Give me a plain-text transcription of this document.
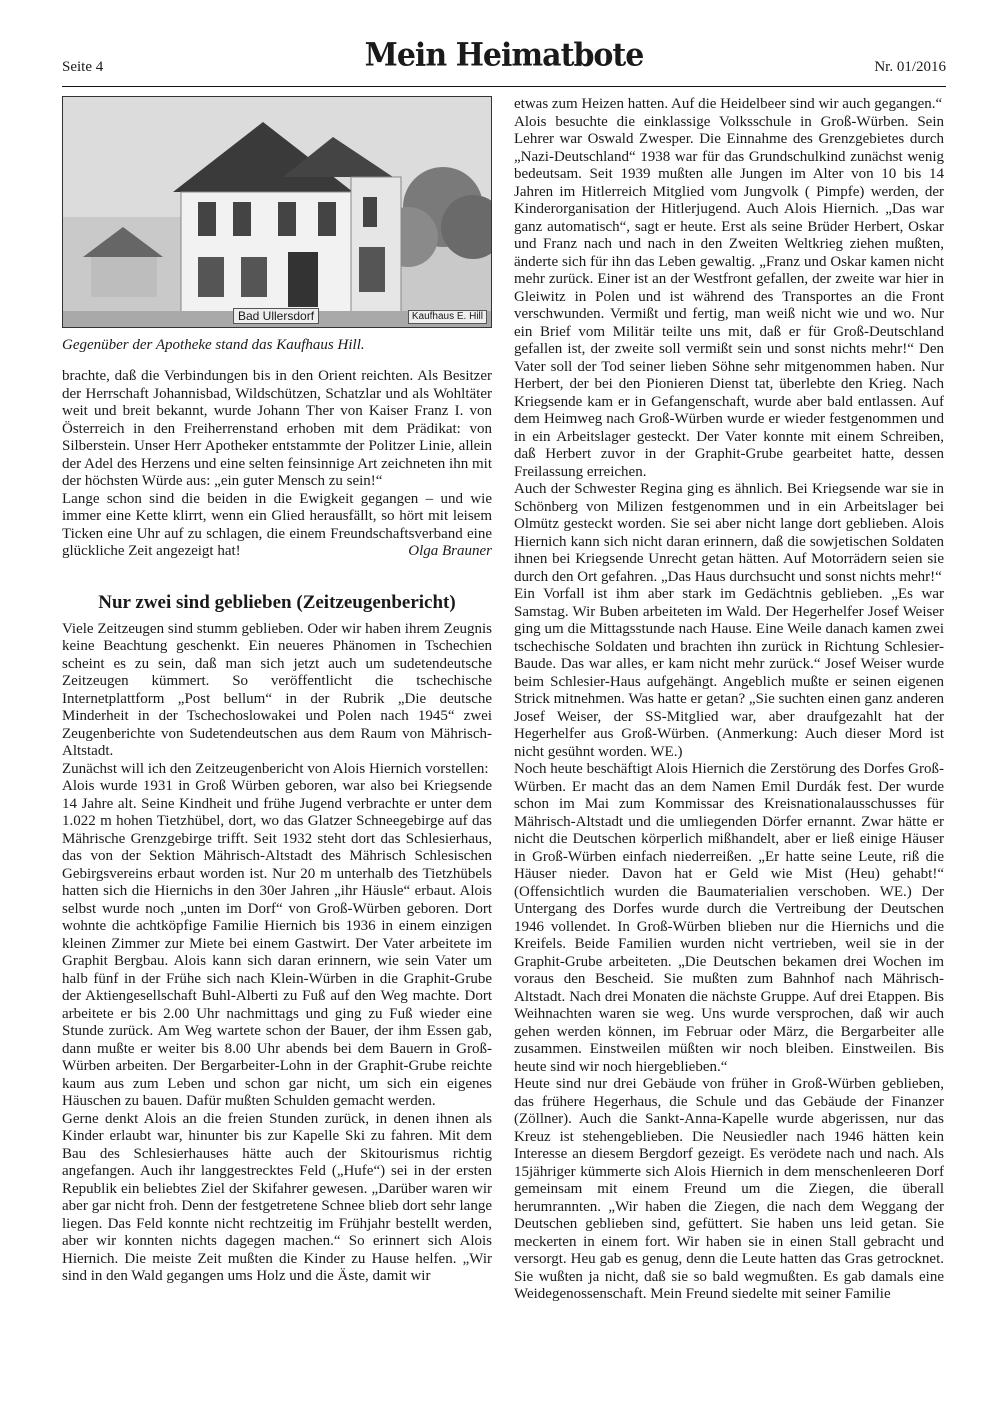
Seite 4	Mein Heimatbote	Nr. 01/2016
Bad Ullersdorf	Kaufhaus E. Hill
Gegenüber der Apotheke stand das Kaufhaus Hill.

brachte, daß die Verbindungen bis in den Orient reichten. Als Besitzer der Herrschaft Johannisbad, Wildschützen, Schatzlar und als Wohltäter weit und breit bekannt, wurde Johann Ther von Kaiser Franz I. von Österreich in den Freiherrenstand erhoben mit dem Prädikat: von Silberstein. Unser Herr Apotheker entstammte der Politzer Linie, allein der Adel des Herzens und eine selten feinsinnige Art zeichneten ihn mit der höchsten Würde aus: „ein guter Mensch zu sein!“

Lange schon sind die beiden in die Ewigkeit gegangen – und wie immer eine Kette klirrt, wenn ein Glied herausfällt, so hört mit leisem Ticken eine Uhr auf zu schlagen, die einem Freundschaftsverband eine glückliche Zeit angezeigt hat!	Olga Brauner

Nur zwei sind geblieben (Zeitzeugenbericht)

Viele Zeitzeugen sind stumm geblieben. Oder wir haben ihrem Zeugnis keine Beachtung geschenkt. Ein neueres Phänomen in Tschechien scheint es zu sein, daß man sich jetzt auch um sudetendeutsche Zeitzeugen kümmert. So veröffentlicht die tschechische Internetplattform „Post bellum“ in der Rubrik „Die deutsche Minderheit in der Tschechoslowakei und Polen nach 1945“ zwei Zeugenberichte von Sudetendeutschen aus dem Raum von Mährisch-Altstadt.

Zunächst will ich den Zeitzeugenbericht von Alois Hiernich vorstellen:

Alois wurde 1931 in Groß Würben geboren, war also bei Kriegsende 14 Jahre alt. Seine Kindheit und frühe Jugend verbrachte er unter dem 1.022 m hohen Tietzhübel, dort, wo das Glatzer Schneegebirge auf das Mährische Grenzgebirge trifft. Seit 1932 steht dort das Schlesierhaus, das von der Sektion Mährisch-Altstadt des Mährisch Schlesischen Gebirgsvereins erbaut worden ist. Nur 20 m unterhalb des Tietzhübels hatten sich die Hiernichs in den 30er Jahren „ihr Häusle“ erbaut. Alois selbst wurde noch „unten im Dorf“ von Groß-Würben geboren. Dort wohnte die achtköpfige Familie Hiernich bis 1936 in einem einzigen kleinen Zimmer zur Miete bei einem Gastwirt. Der Vater arbeitete im Graphit Bergbau. Alois kann sich daran erinnern, wie sein Vater um halb fünf in der Frühe sich nach Klein-Würben in die Graphit-Grube der Aktiengesellschaft Buhl-Alberti zu Fuß auf den Weg machte. Dort arbeitete er bis 2.00 Uhr nachmittags und ging zu Fuß wieder eine Stunde zurück. Am Weg wartete schon der Bauer, der ihm Essen gab, dann mußte er weiter bis 8.00 Uhr abends bei dem Bauern in Groß-Würben arbeiten. Der Bergarbeiter-Lohn in der Graphit-Grube reichte kaum aus zum Leben und schon gar nicht, um sich ein eigenes Häuschen zu bauen. Dafür mußten Schulden gemacht werden.

Gerne denkt Alois an die freien Stunden zurück, in denen ihnen als Kinder erlaubt war, hinunter bis zur Kapelle Ski zu fahren. Mit dem Bau des Schlesierhauses hätte auch der Skitourismus richtig angefangen. Auch ihr langgestrecktes Feld („Hufe“) sei in der ersten Republik ein beliebtes Ziel der Skifahrer gewesen. „Darüber waren wir aber gar nicht froh. Denn der festgetretene Schnee blieb dort sehr lange liegen. Das Feld konnte nicht rechtzeitig im Frühjahr bestellt werden, aber wir konnten nichts dagegen machen.“ So erinnert sich Alois Hiernich. Die meiste Zeit mußten die Kinder zu Hause helfen. „Wir sind in den Wald gegangen ums Holz und die Äste, damit wir

etwas zum Heizen hatten. Auf die Heidelbeer sind wir auch gegangen.“

Alois besuchte die einklassige Volksschule in Groß-Würben. Sein Lehrer war Oswald Zwesper. Die Einnahme des Grenzgebietes durch „Nazi-Deutschland“ 1938 war für das Grundschulkind zunächst wenig bedeutsam. Seit 1939 mußten alle Jungen im Alter von 10 bis 14 Jahren im Hitlerreich Mitglied vom Jungvolk ( Pimpfe) werden, der Kinderorganisation der Hitlerjugend. Auch Alois Hiernich. „Das war ganz automatisch“, sagt er heute. Erst als seine Brüder Herbert, Oskar und Franz nach und nach in den Zweiten Weltkrieg ziehen mußten, änderte sich für ihn das Leben gewaltig. „Franz und Oskar kamen nicht mehr zurück. Einer ist an der Westfront gefallen, der zweite war hier in Gleiwitz in Polen und ist während des Transportes an die Front verschwunden. Vermißt und fertig, man weiß nicht wie und wo. Nur ein Brief vom Militär teilte uns mit, daß er für Groß-Deutschland gefallen ist, der zweite soll vermißt sein und sonst nichts mehr!“ Den Vater soll der Tod seiner lieben Söhne sehr mitgenommen haben. Nur Herbert, der bei den Pionieren Dienst tat, überlebte den Krieg. Nach Kriegsende kam er in Gefangenschaft, wurde aber bald entlassen. Auf dem Heimweg nach Groß-Würben wurde er wieder festgenommen und in ein Arbeitslager gesteckt. Der Vater konnte mit einem Schreiben, daß Herbert zuvor in der Graphit-Grube gearbeitet hatte, dessen Freilassung erreichen.

Auch der Schwester Regina ging es ähnlich. Bei Kriegsende war sie in Schönberg von Milizen festgenommen und in ein Arbeitslager bei Olmütz gesteckt worden. Sie sei aber nicht lange dort geblieben. Alois Hiernich kann sich nicht daran erinnern, daß die sowjetischen Soldaten ihnen bei Kriegsende Unrecht getan hätten. Auf Motorrädern seien sie durch den Ort gefahren. „Das Haus durchsucht und sonst nichts mehr!“

Ein Vorfall ist ihm aber stark im Gedächtnis geblieben. „Es war Samstag. Wir Buben arbeiteten im Wald. Der Hegerhelfer Josef Weiser ging um die Mittagsstunde nach Hause. Eine Weile danach kamen zwei tschechische Soldaten und brachten ihn zurück in Richtung Schlesier-Baude. Das war alles, er kam nicht mehr zurück.“ Josef Weiser wurde beim Schlesier-Haus aufgehängt. Angeblich mußte er seinen eigenen Strick mitnehmen. Was hatte er getan? „Sie suchten einen ganz anderen Josef Weiser, der SS-Mitglied war, aber draufgezahlt hat der Hegerhelfer aus Groß-Würben. (Anmerkung: Auch dieser Mord ist nicht gesühnt worden. WE.)

Noch heute beschäftigt Alois Hiernich die Zerstörung des Dorfes Groß-Würben. Er macht das an dem Namen Emil Durdák fest. Der wurde schon im Mai zum Kommissar des Kreisnationalausschusses für Mährisch-Altstadt und die umliegenden Dörfer ernannt. Zwar hätte er nicht die Deutschen körperlich mißhandelt, aber er ließ einige Häuser in Groß-Würben einfach niederreißen. „Er hatte seine Leute, riß die Häuser nieder. Davon hat er Geld wie Mist (Heu) gehabt!“ (Offensichtlich wurden die Baumaterialien verschoben. WE.) Der Untergang des Dorfes wurde durch die Vertreibung der Deutschen 1946 vollendet. In Groß-Würben blieben nur die Hiernichs und die Kreifels. Beide Familien wurden nicht vertrieben, weil sie in der Graphit-Grube arbeiteten. „Die Deutschen bekamen drei Wochen im voraus den Bescheid. Sie mußten zum Bahnhof nach Mährisch-Altstadt. Nach drei Monaten die nächste Gruppe. Auf drei Etappen. Bis Weihnachten waren sie weg. Uns wurde versprochen, daß wir auch gehen werden können, im Februar oder März, die Bergarbeiter alle zusammen. Einstweilen müßten wir noch bleiben. Einstweilen. Bis heute sind wir noch hiergeblieben.“

Heute sind nur drei Gebäude von früher in Groß-Würben geblieben, das frühere Hegerhaus, die Schule und das Gebäude der Finanzer (Zöllner). Auch die Sankt-Anna-Kapelle wurde abgerissen, nur das Kreuz ist stehengeblieben. Die Neusiedler nach 1946 hätten kein Interesse an diesem Bergdorf gezeigt. Es verödete nach und nach. Als 15jähriger kümmerte sich Alois Hiernich in dem menschenleeren Dorf gemeinsam mit einem Freund um die Ziegen, die überall herumrannten. „Wir haben die Ziegen, die nach dem Weggang der Deutschen geblieben sind, gefüttert. Sie haben uns leid getan. Sie meckerten in einem fort. Wir haben sie in einen Stall gebracht und versorgt. Heu gab es genug, denn die Leute hatten das Gras getrocknet. Sie wußten ja nicht, daß sie so bald wegmußten. Es gab damals eine Weidegenossenschaft. Mein Freund siedelte mit seiner Familie
